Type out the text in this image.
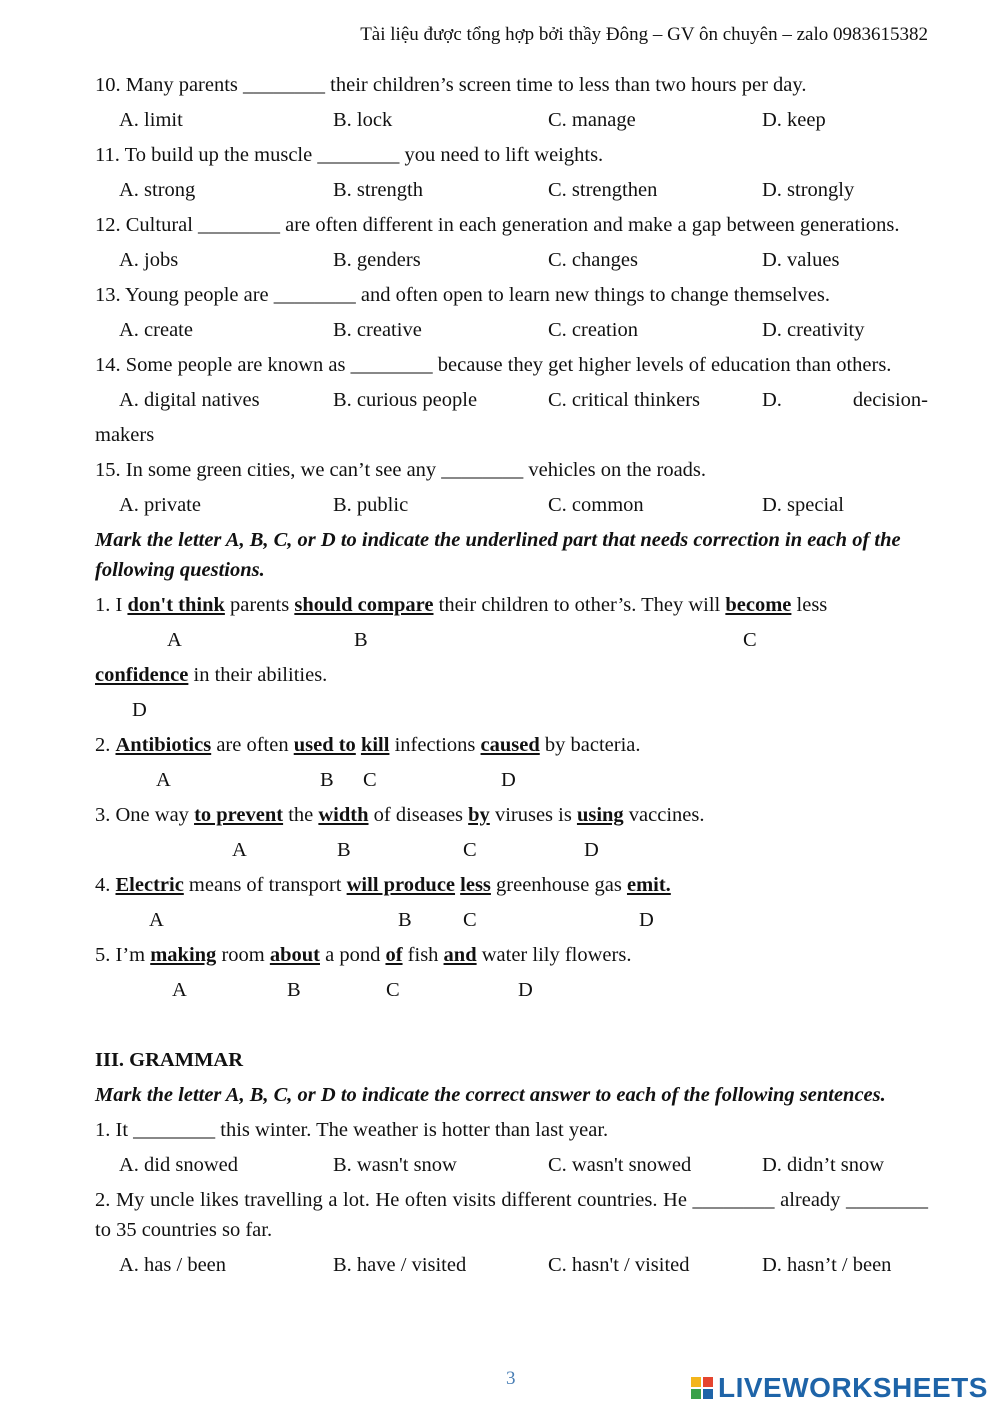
Tài liệu được tổng hợp bởi thầy Đông – GV ôn chuyên – zalo 0983615382
10. Many parents ________ their children’s screen time to less than two hours per day.
A. limit	B. lock	C. manage	D. keep
11. To build up the muscle ________ you need to lift weights.
A. strong	B. strength	C. strengthen	D. strongly
12. Cultural ________ are often different in each generation and make a gap between generations.
A. jobs	B. genders	C. changes	D. values
13. Young people are ________ and often open to learn new things to change themselves.
A. create	B. creative	C. creation	D. creativity
14. Some people are known as ________ because they get higher levels of education than others.
A. digital natives	B. curious people	C. critical thinkers	D.	decision-
makers
15. In some green cities, we can’t see any ________ vehicles on the roads.
A. private	B. public	C. common	D. special
Mark the letter A, B, C, or D to indicate the underlined part that needs correction in each of the following questions.
1. I don't think parents should compare their children to other’s. They will become less
A	B	C
confidence in their abilities.
D
2. Antibiotics are often used to kill infections caused by bacteria.
A	B C	D
3. One way to prevent the width of diseases by viruses is using vaccines.
A	B	C	D
4. Electric means of transport will produce less greenhouse gas emit.
A	B	C	D
5. I’m making room about a pond of fish and water lily flowers.
A	B	C	D
III. GRAMMAR
Mark the letter A, B, C, or D to indicate the correct answer to each of the following sentences.
1. It ________ this winter. The weather is hotter than last year.
A. did snowed	B. wasn't snow	C. wasn't snowed	D. didn’t snow
2. My uncle likes travelling a lot. He often visits different countries. He ________ already ________ to 35 countries so far.
A. has / been	B. have / visited	C. hasn't / visited	D. hasn’t / been
3	LIVEWORKSHEETS
